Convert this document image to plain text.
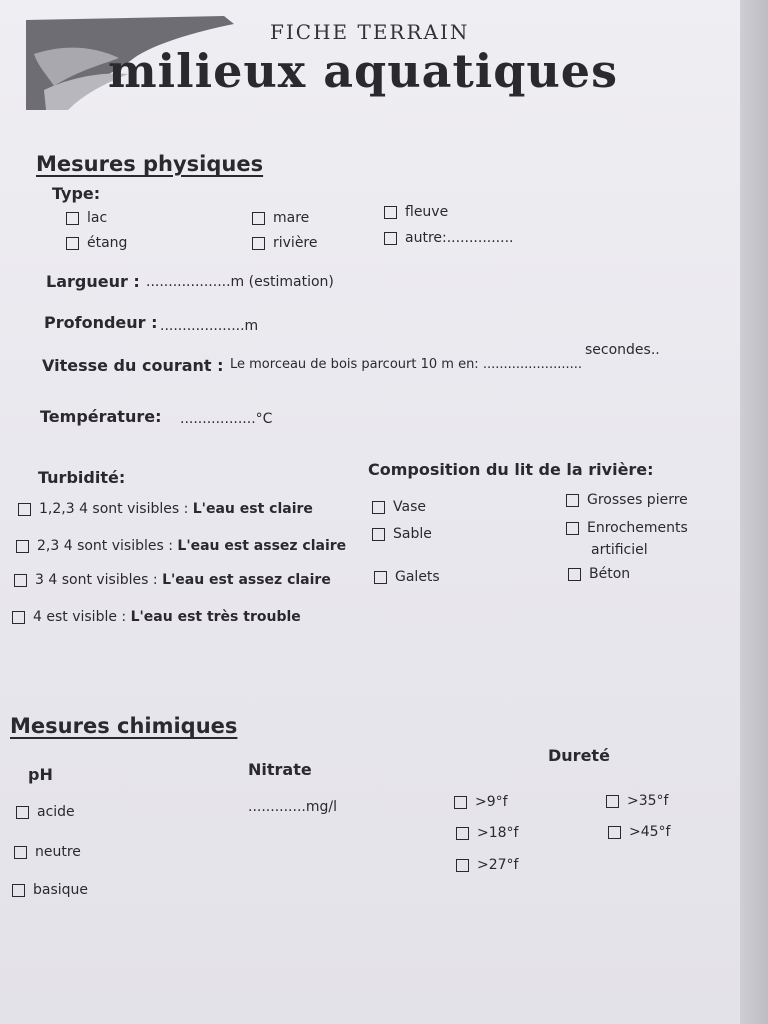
FICHE TERRAIN
milieux aquatiques
Mesures physiques
Type:
lac	mare	fleuve
étang	rivière	autre:...............
Largueur : ...................m (estimation)
Profondeur : ...................m
Vitesse du courant : Le morceau de bois parcourt 10 m en: ........................
secondes..
Température: .................°C
Turbidité:
1,2,3 4 sont visibles : L'eau est claire
2,3 4 sont visibles : L'eau est assez claire
3 4 sont visibles : L'eau est assez claire
4 est visible : L'eau est très trouble
Composition du lit de la rivière:
Vase	Grosses pierre
Sable	Enrochements
artificiel
Galets	Béton
Mesures chimiques
pH
acide
neutre
basique
Nitrate
.............mg/l
Dureté
>9°f	>35°f
>18°f	>45°f
>27°f
